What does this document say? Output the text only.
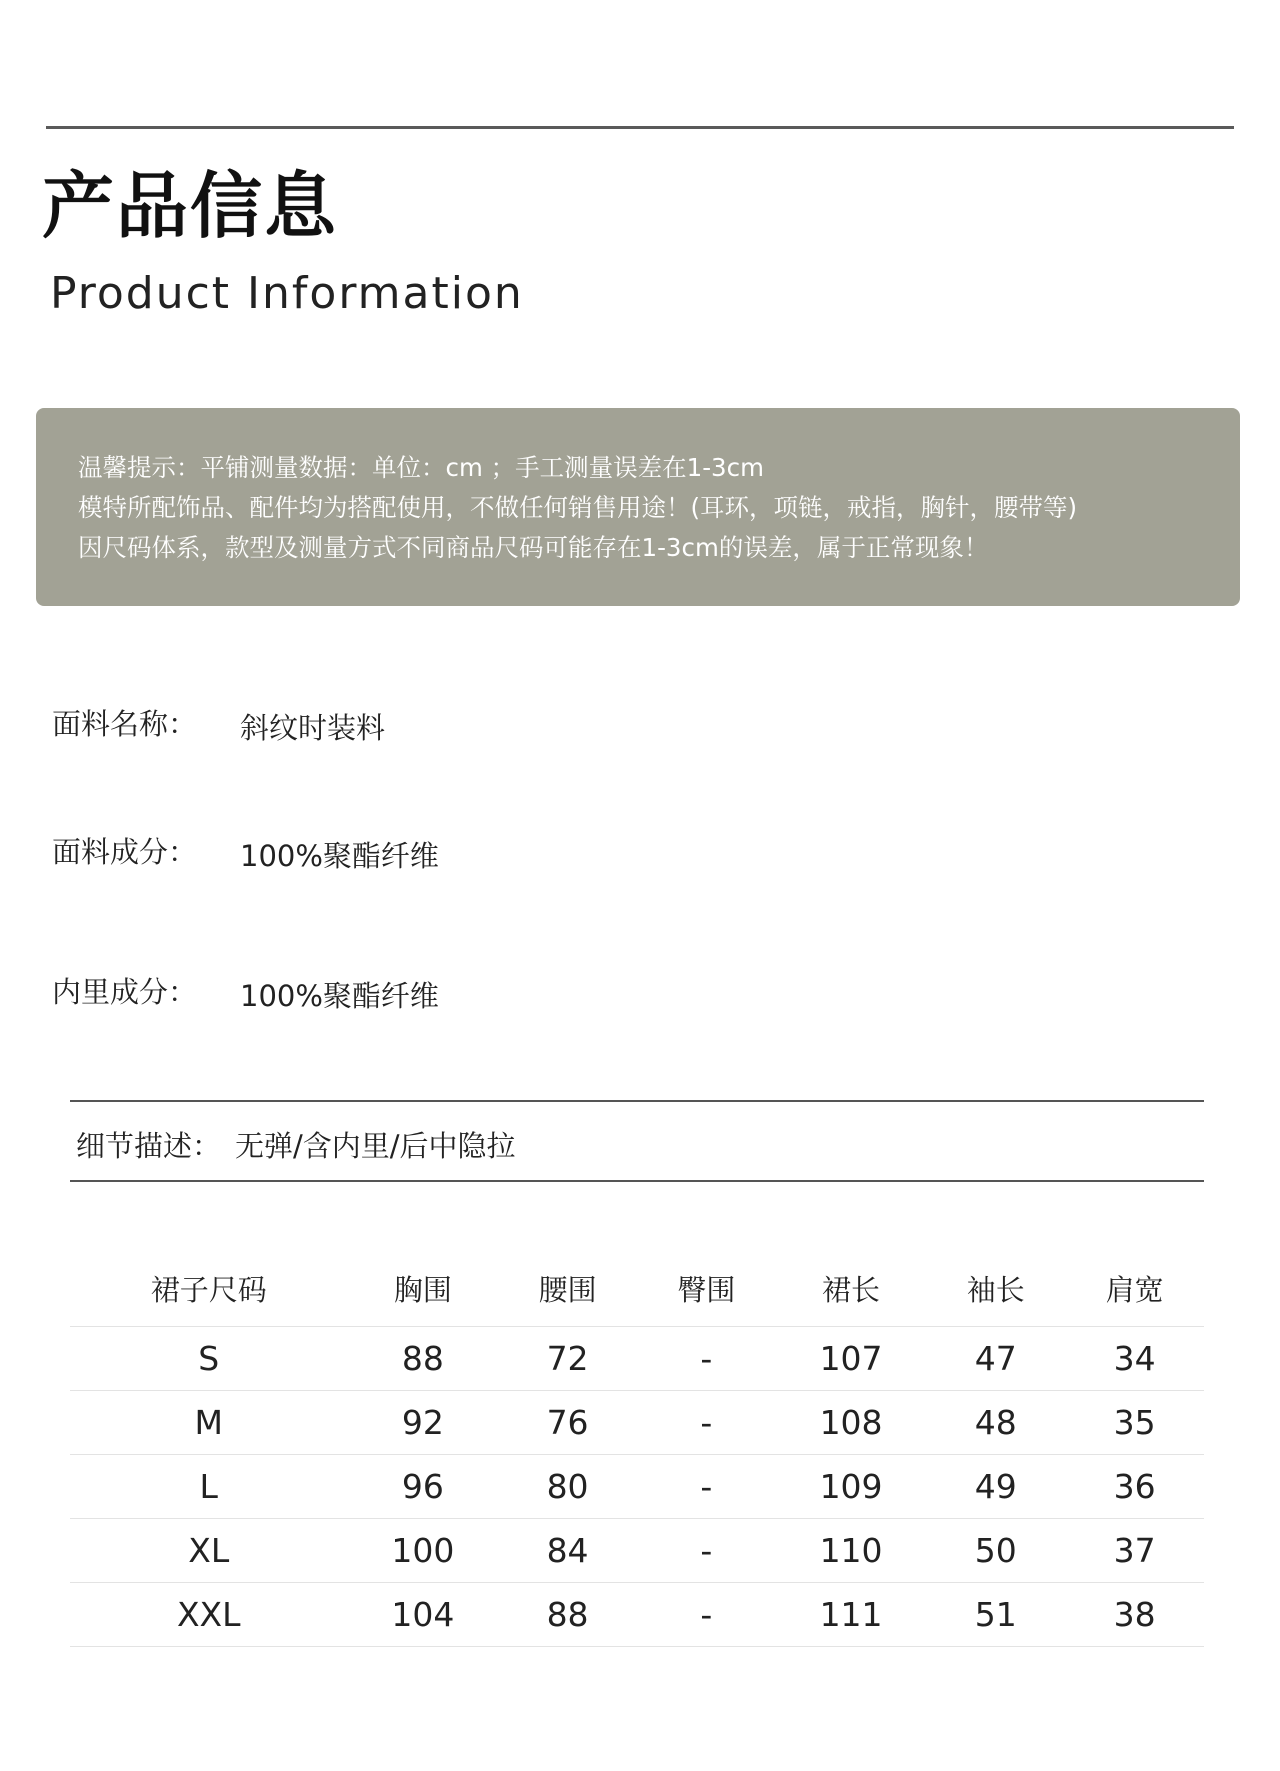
产品信息
Product Information
温馨提示：平铺测量数据：单位：cm ；手工测量误差在1-3cm
模特所配饰品、配件均为搭配使用，不做任何销售用途！(耳环，项链，戒指，胸针，腰带等)
因尺码体系，款型及测量方式不同商品尺码可能存在1-3cm的误差，属于正常现象！
面料名称： 斜纹时装料
面料成分： 100%聚酯纤维
内里成分： 100%聚酯纤维
细节描述： 无弹/含内里/后中隐拉
裙子尺码	胸围	腰围	臀围	裙长	袖长	肩宽
S	88	72	-	107	47	34
M	92	76	-	108	48	35
L	96	80	-	109	49	36
XL	100	84	-	110	50	37
XXL	104	88	-	111	51	38
